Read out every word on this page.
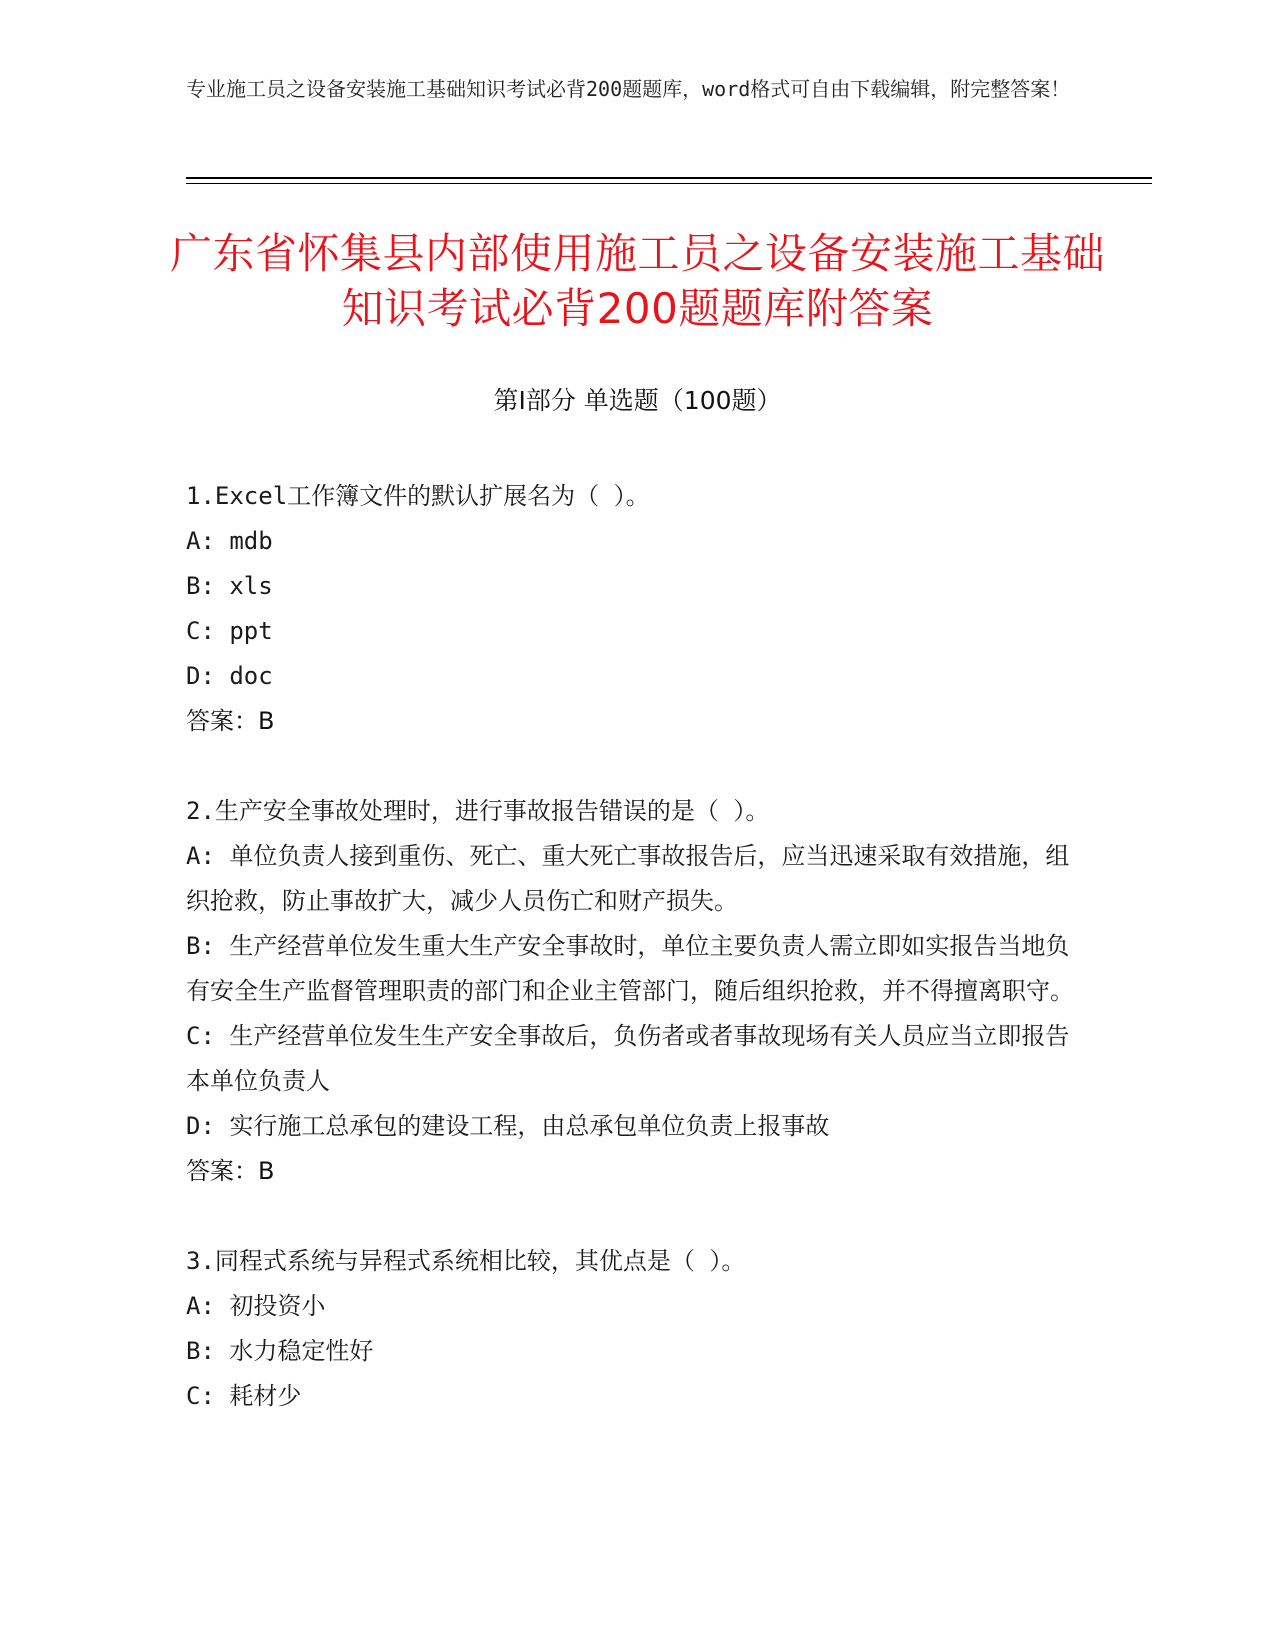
专业施工员之设备安装施工基础知识考试必背200题题库，word格式可自由下载编辑，附完整答案！
广东省怀集县内部使用施工员之设备安装施工基础知识考试必背200题题库附答案
第Ⅰ部分 单选题（100题）
1.Excel工作簿文件的默认扩展名为（ ）。
A: mdb
B: xls
C: ppt
D: doc
答案：B
2.生产安全事故处理时，进行事故报告错误的是（ ）。
A: 单位负责人接到重伤、死亡、重大死亡事故报告后，应当迅速采取有效措施，组织抢救，防止事故扩大，减少人员伤亡和财产损失。
B: 生产经营单位发生重大生产安全事故时，单位主要负责人需立即如实报告当地负有安全生产监督管理职责的部门和企业主管部门，随后组织抢救，并不得擅离职守。
C: 生产经营单位发生生产安全事故后，负伤者或者事故现场有关人员应当立即报告本单位负责人
D: 实行施工总承包的建设工程，由总承包单位负责上报事故
答案：B
3.同程式系统与异程式系统相比较，其优点是（ ）。
A: 初投资小
B: 水力稳定性好
C: 耗材少
